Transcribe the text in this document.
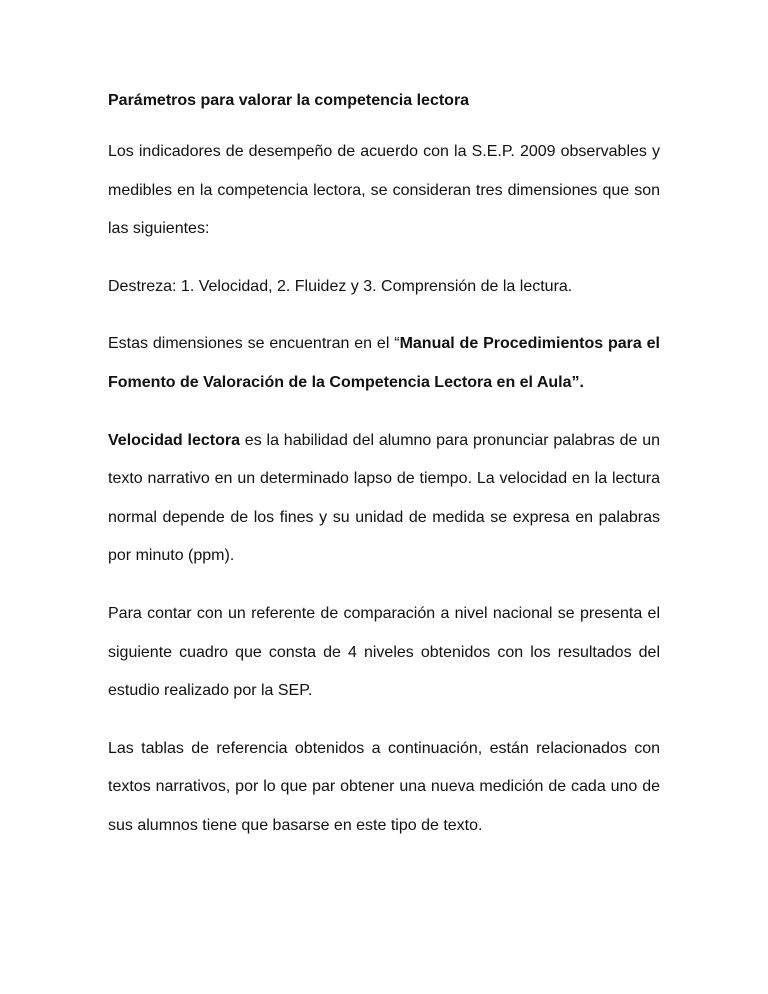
Parámetros para valorar la competencia lectora

Los indicadores de desempeño de acuerdo con la S.E.P. 2009 observables y medibles en la competencia lectora, se consideran tres dimensiones que son las siguientes:

Destreza: 1. Velocidad, 2. Fluidez y 3. Comprensión de la lectura.

Estas dimensiones se encuentran en el “Manual de Procedimientos para el Fomento de Valoración de la Competencia Lectora en el Aula”.

Velocidad lectora es la habilidad del alumno para pronunciar palabras de un texto narrativo en un determinado lapso de tiempo. La velocidad en la lectura normal depende de los fines y su unidad de medida se expresa en palabras por minuto (ppm).

Para contar con un referente de comparación a nivel nacional se presenta el siguiente cuadro que consta de 4 niveles obtenidos con los resultados del estudio realizado por la SEP.

Las tablas de referencia obtenidos a continuación, están relacionados con textos narrativos, por lo que par obtener una nueva medición de cada uno de sus alumnos tiene que basarse en este tipo de texto.
